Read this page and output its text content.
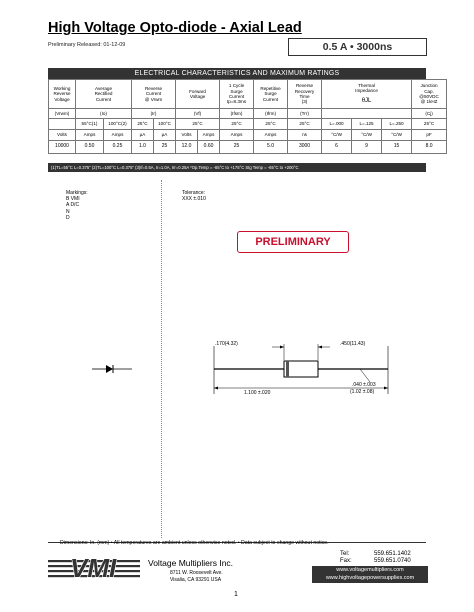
High Voltage Opto-diode - Axial Lead
Preliminary Released: 01-12-09	0.5 A • 3000ns
ELECTRICAL CHARACTERISTICS AND MAXIMUM RATINGS
Working
Reverse
Voltage	Average
Rectified
Current		Reverse
Current
@ Vrwm		Forward
Voltage		1 Cycle
Surge
Current
tp=8.3ms	Repetitive
Surge
Current	Reverse
Recovery
Time
(3)	Thermal
Impedance

θJL			Junction
Cap.
@50VDC
@ 1kHZ
(Vrwm)	(Io)		(Ir)		(Vf)		(Ifsm)	(Ifrm)	(Trr)				(Cj)
	55°C(1)	100°C(2)	25°C	100°C	25°C		25°C	25°C	25°C	L=.000	L=.125	L=.250	25°C
Volts	Amps	Amps	µA	µA	Volts	Amps	Amps	Amps	ns	°C/W	°C/W	°C/W	pF
10000	0.50	0.25	1.0	25	12.0	0.60	25	5.0	3000	6	9	15	8.0
(1)TL=55°C L=0.375" (2)TL=100°C L=0.375" (3)If=0.5A, Ir=1.0A, Irr=0.25A *Op.Temp = -65°C to +175°C Stg Temp = -65°C to +200°C
Markings:
B VMI
A D/C
N
D
Tolerance:
XXX ±.010
PRELIMINARY
.170(4.32)	.450(11.43)
1.100 ±.020
.040 ±.003
(1.02 ±.08)
Dimensions: In. (mm) • All temperatures are ambient unless otherwise noted. • Data subject to change without notice.
VMI	Voltage Multipliers Inc.
8711 W. Roosevelt Ave.
Visalia, CA 93291 USA
Tel:	559.651.1402
Fax:	559.651.0740
www.voltagemultipliers.com
www.highvoltagepowersupplies.com
1
